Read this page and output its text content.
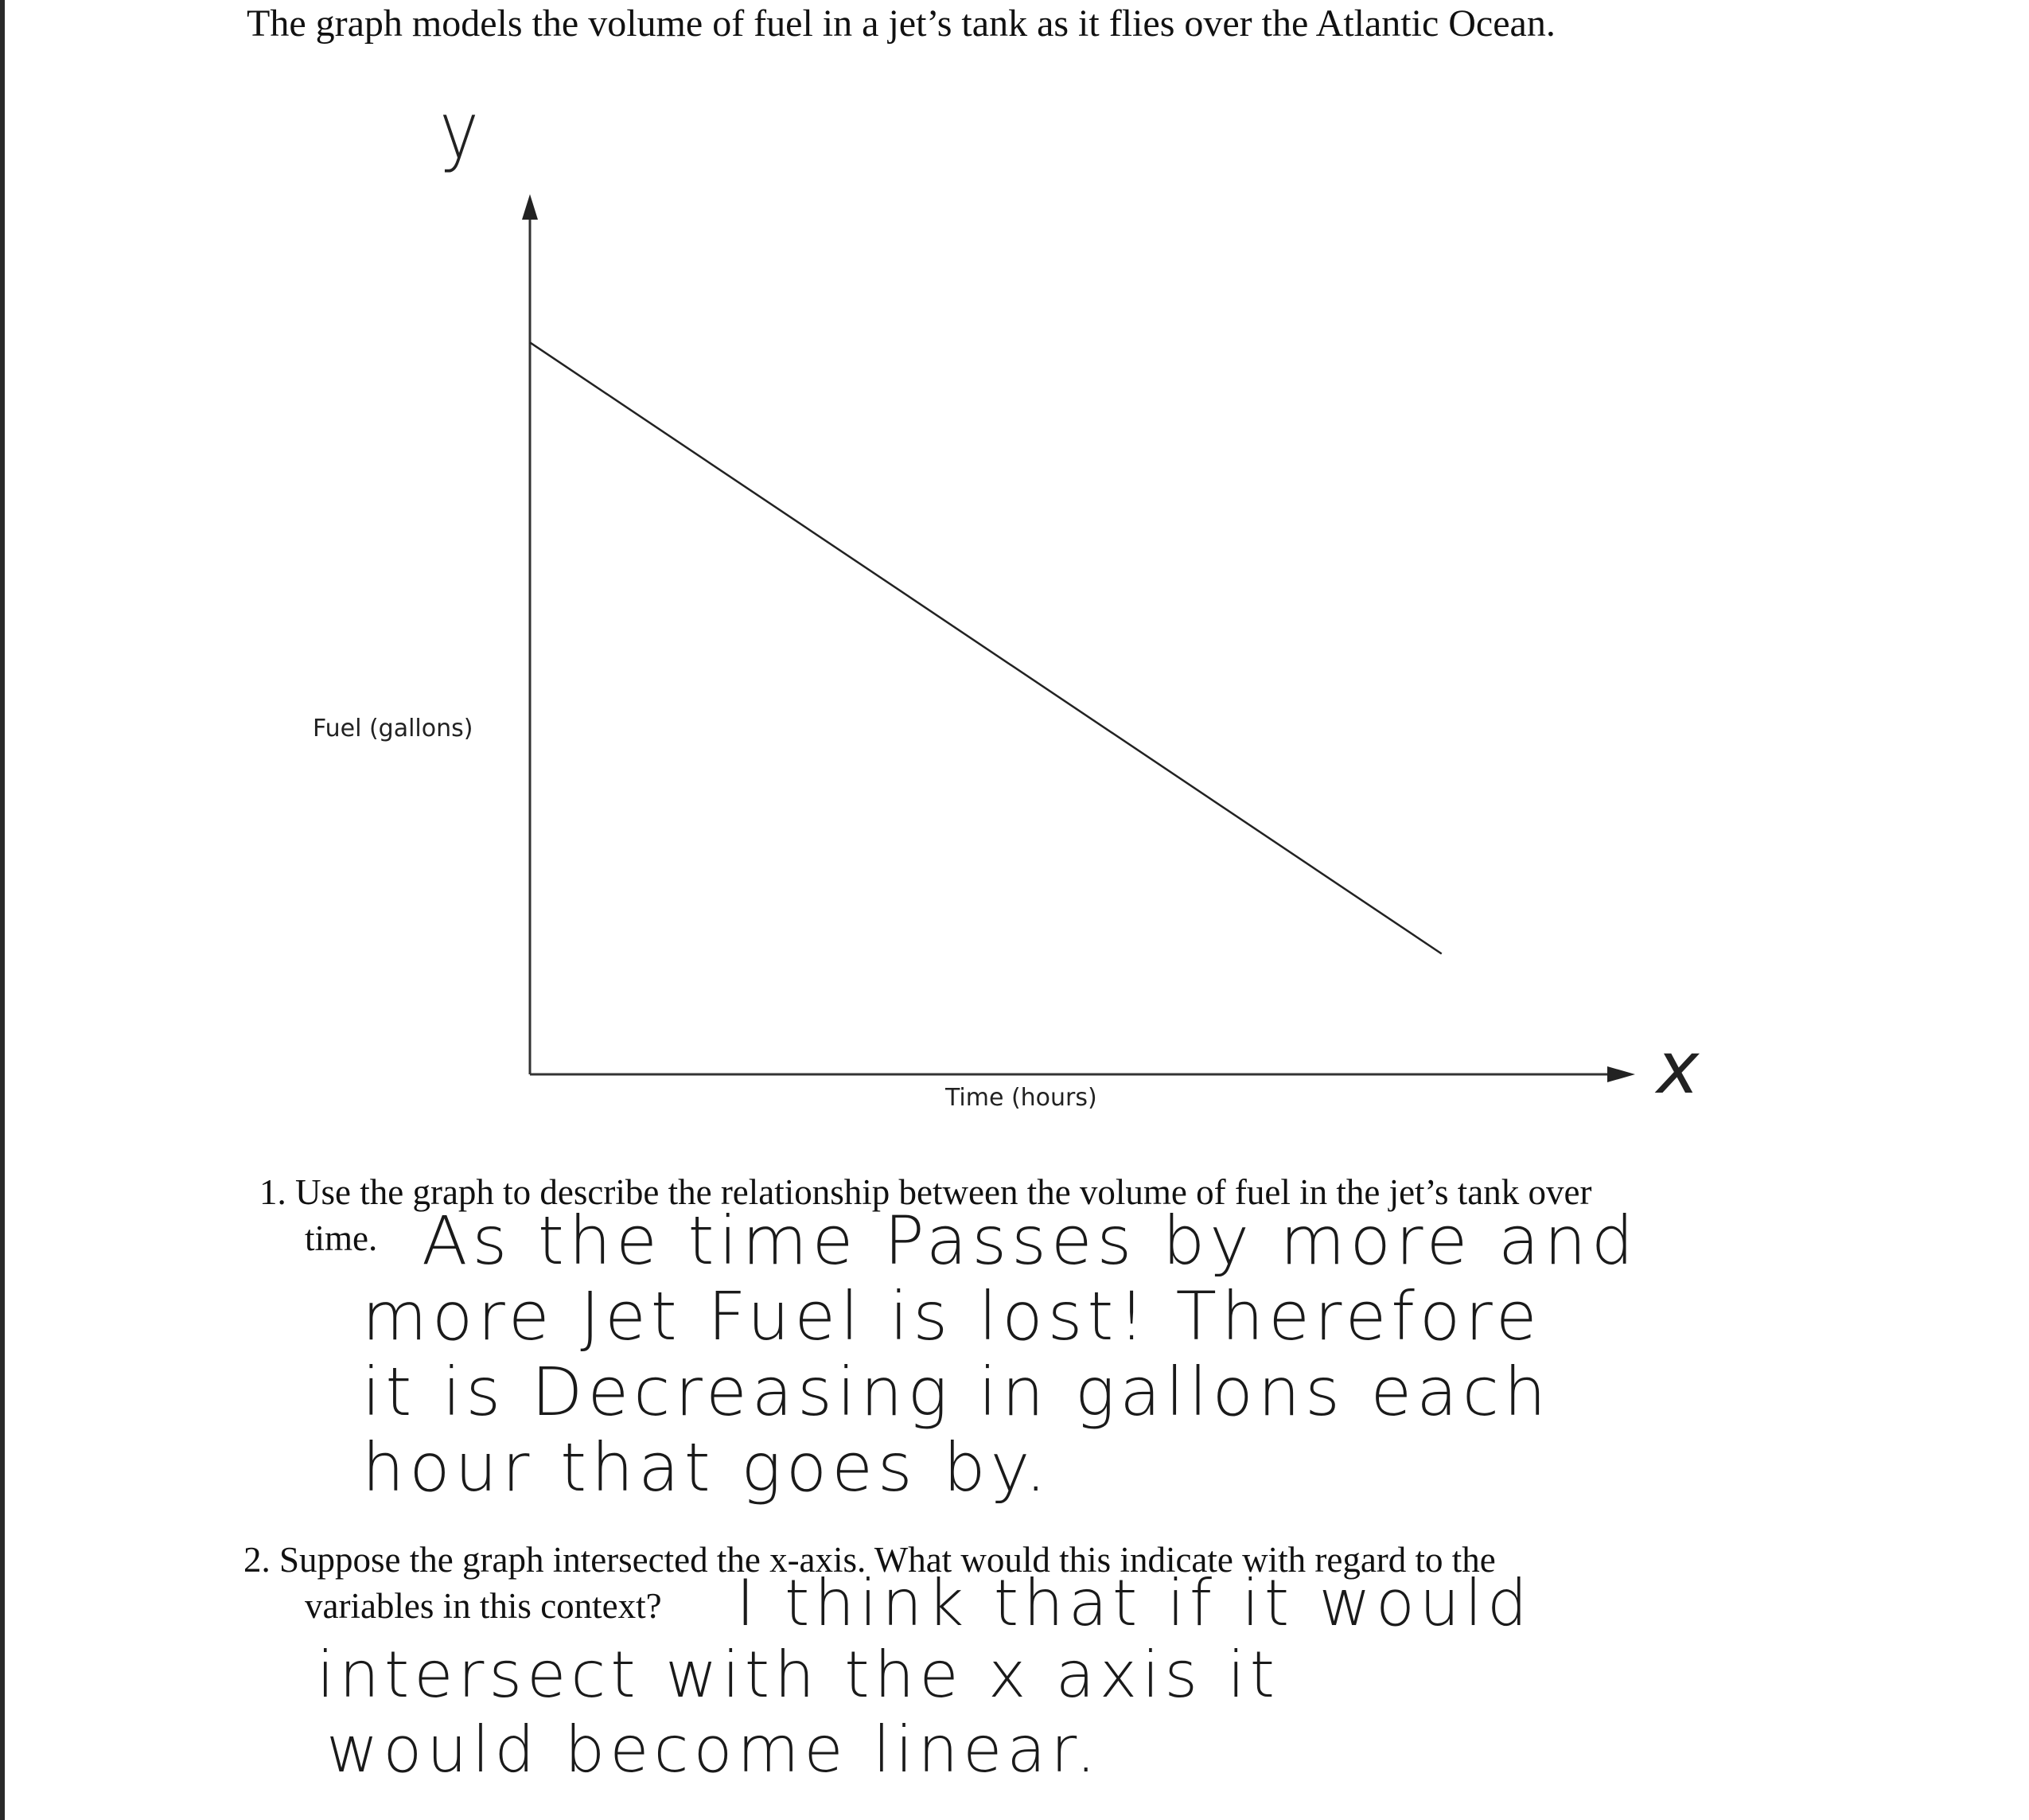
The graph models the volume of fuel in a jet’s tank as it flies over the Atlantic Ocean.
y
x
Fuel (gallons)
Time (hours)
1. Use the graph to describe the relationship between the volume of fuel in the jet’s tank over
time. As the time Passes by more and
more Jet Fuel is lost! Therefore
it is Decreasing in gallons each
hour that goes by.
2. Suppose the graph intersected the x-axis. What would this indicate with regard to the
variables in this context? I think that if it would
intersect with the x axis it
would become linear.
